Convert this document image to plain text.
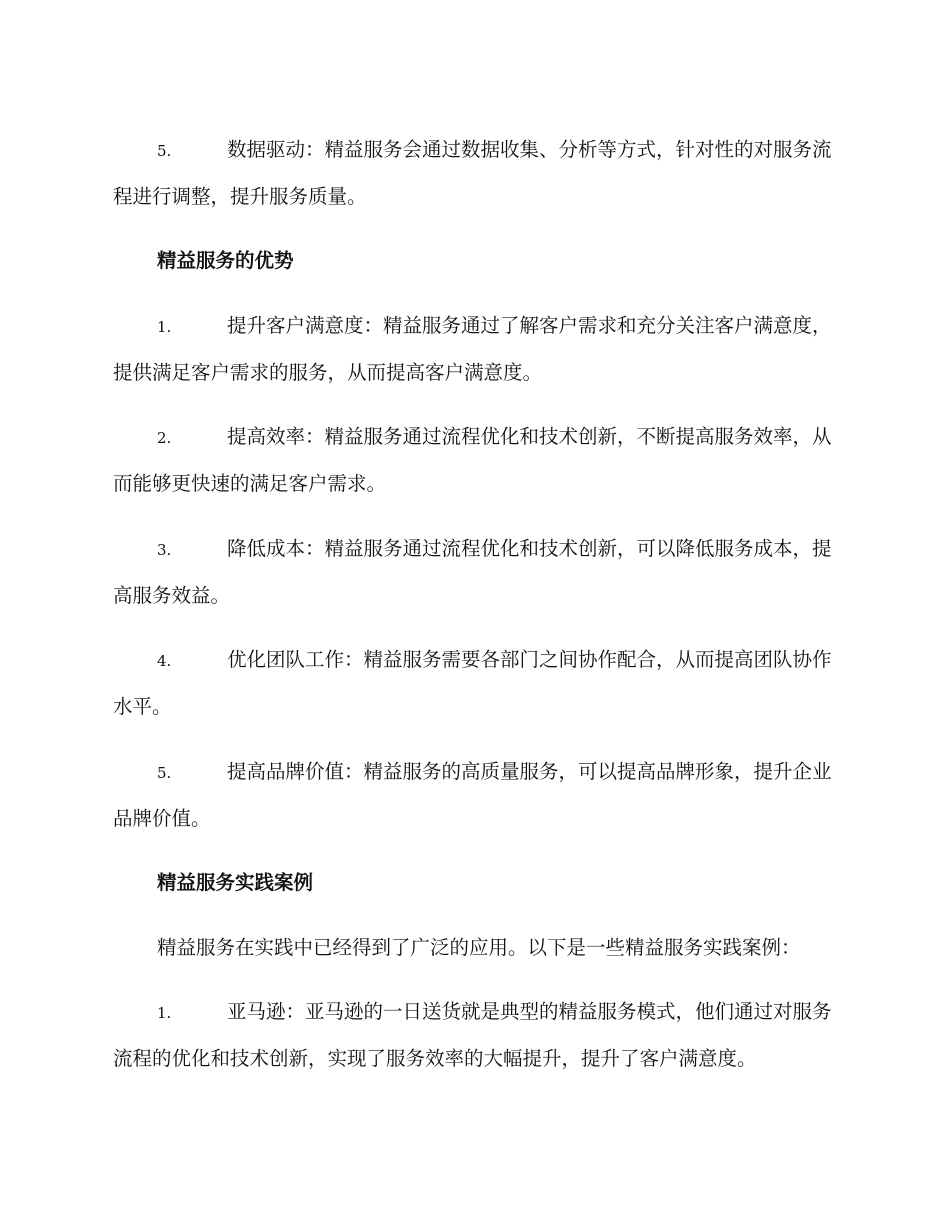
5.	数据驱动：精益服务会通过数据收集、分析等方式，针对性的对服务流程进行调整，提升服务质量。

精益服务的优势

1.	提升客户满意度：精益服务通过了解客户需求和充分关注客户满意度，提供满足客户需求的服务，从而提高客户满意度。

2.	提高效率：精益服务通过流程优化和技术创新，不断提高服务效率，从而能够更快速的满足客户需求。

3.	降低成本：精益服务通过流程优化和技术创新，可以降低服务成本，提高服务效益。

4.	优化团队工作：精益服务需要各部门之间协作配合，从而提高团队协作水平。

5.	提高品牌价值：精益服务的高质量服务，可以提高品牌形象，提升企业品牌价值。

精益服务实践案例

精益服务在实践中已经得到了广泛的应用。以下是一些精益服务实践案例：

1.	亚马逊：亚马逊的一日送货就是典型的精益服务模式，他们通过对服务流程的优化和技术创新，实现了服务效率的大幅提升，提升了客户满意度。
